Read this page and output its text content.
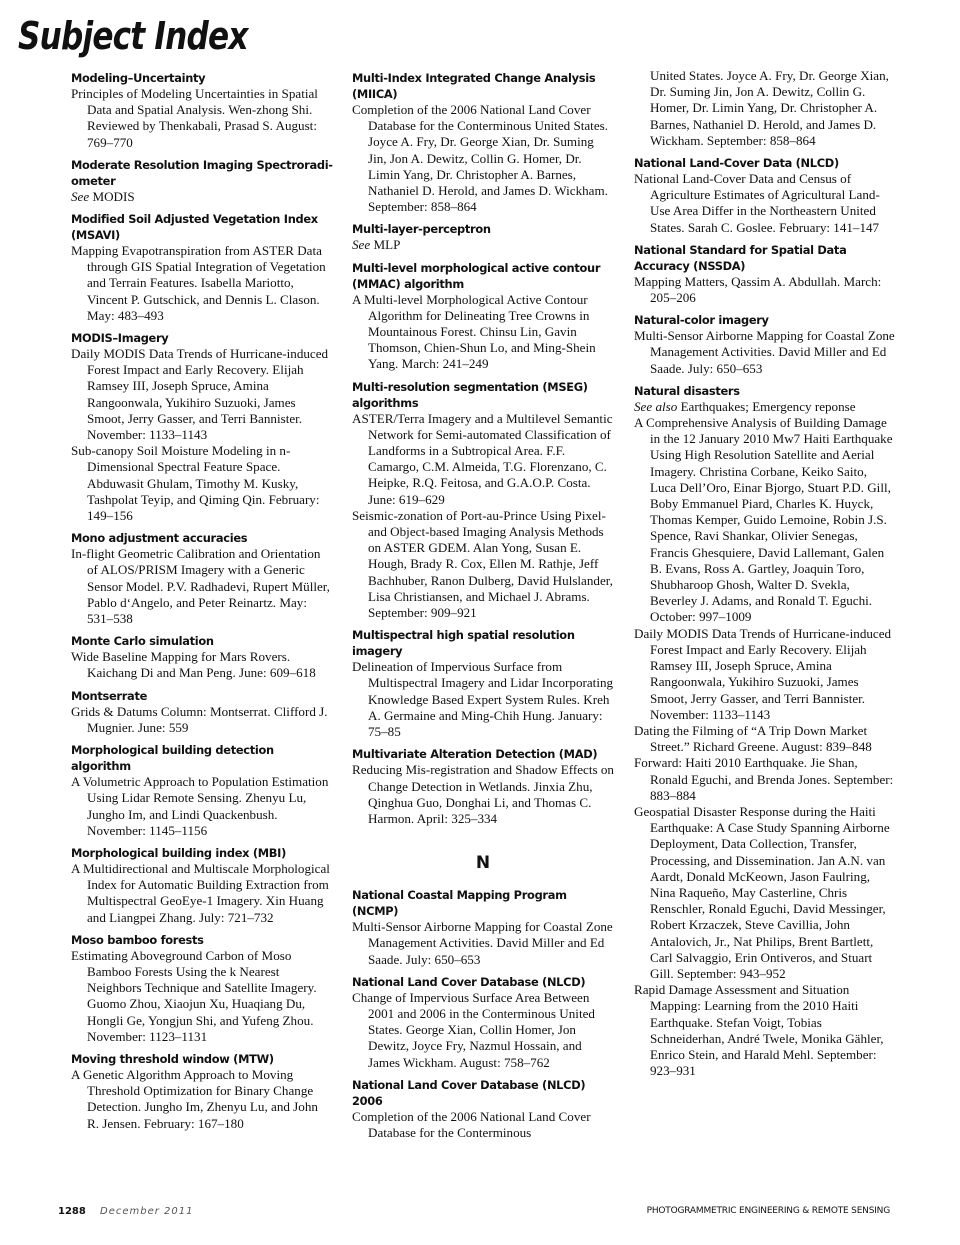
Subject Index

Modeling–Uncertainty

Principles of Modeling Uncertainties in Spatial Data and Spatial Analysis. Wen-zhong Shi. Reviewed by Thenkabali, Prasad S. August: 769–770

Moderate Resolution Imaging Spectroradi-ometer

See MODIS

Modified Soil Adjusted Vegetation Index (MSAVI)

Mapping Evapotranspiration from ASTER Data through GIS Spatial Integration of Vegetation and Terrain Features. Isabella Mariotto, Vincent P. Gutschick, and Dennis L. Clason. May: 483–493

MODIS–Imagery

Daily MODIS Data Trends of Hurricane-induced Forest Impact and Early Recovery. Elijah Ramsey III, Joseph Spruce, Amina Rangoonwala, Yukihiro Suzuoki, James Smoot, Jerry Gasser, and Terri Bannister. November: 1133–1143

Sub-canopy Soil Moisture Modeling in n-Dimensional Spectral Feature Space. Abduwasit Ghulam, Timothy M. Kusky, Tashpolat Teyip, and Qiming Qin. February: 149–156

Mono adjustment accuracies

In-flight Geometric Calibration and Orientation of ALOS/PRISM Imagery with a Generic Sensor Model. P.V. Radhadevi, Rupert Müller, Pablo d‘Angelo, and Peter Reinartz. May: 531–538

Monte Carlo simulation

Wide Baseline Mapping for Mars Rovers. Kaichang Di and Man Peng. June: 609–618

Montserrate

Grids & Datums Column: Montserrat. Clifford J. Mugnier. June: 559

Morphological building detection algorithm

A Volumetric Approach to Population Estimation Using Lidar Remote Sensing. Zhenyu Lu, Jungho Im, and Lindi Quackenbush. November: 1145–1156

Morphological building index (MBI)

A Multidirectional and Multiscale Morphological Index for Automatic Building Extraction from Multispectral GeoEye-1 Imagery. Xin Huang and Liangpei Zhang. July: 721–732

Moso bamboo forests

Estimating Aboveground Carbon of Moso Bamboo Forests Using the k Nearest Neighbors Technique and Satellite Imagery. Guomo Zhou, Xiaojun Xu, Huaqiang Du, Hongli Ge, Yongjun Shi, and Yufeng Zhou. November: 1123–1131

Moving threshold window (MTW)

A Genetic Algorithm Approach to Moving Threshold Optimization for Binary Change Detection. Jungho Im, Zhenyu Lu, and John R. Jensen. February: 167–180

Multi-Index Integrated Change Analysis (MIICA)

Completion of the 2006 National Land Cover Database for the Conterminous United States. Joyce A. Fry, Dr. George Xian, Dr. Suming Jin, Jon A. Dewitz, Collin G. Homer, Dr. Limin Yang, Dr. Christopher A. Barnes, Nathaniel D. Herold, and James D. Wickham. September: 858–864

Multi-layer-perceptron

See MLP

Multi-level morphological active contour (MMAC) algorithm

A Multi-level Morphological Active Contour Algorithm for Delineating Tree Crowns in Mountainous Forest. Chinsu Lin, Gavin Thomson, Chien-Shun Lo, and Ming-Shein Yang. March: 241–249

Multi-resolution segmentation (MSEG) algorithms

ASTER/Terra Imagery and a Multilevel Semantic Network for Semi-automated Classification of Landforms in a Subtropical Area. F.F. Camargo, C.M. Almeida, T.G. Florenzano, C. Heipke, R.Q. Feitosa, and G.A.O.P. Costa. June: 619–629

Seismic-zonation of Port-au-Prince Using Pixel- and Object-based Imaging Analysis Methods on ASTER GDEM. Alan Yong, Susan E. Hough, Brady R. Cox, Ellen M. Rathje, Jeff Bachhuber, Ranon Dulberg, David Hulslander, Lisa Christiansen, and Michael J. Abrams. September: 909–921

Multispectral high spatial resolution imagery

Delineation of Impervious Surface from Multispectral Imagery and Lidar Incorporating Knowledge Based Expert System Rules. Kreh A. Germaine and Ming-Chih Hung. January: 75–85

Multivariate Alteration Detection (MAD)

Reducing Mis-registration and Shadow Effects on Change Detection in Wetlands. Jinxia Zhu, Qinghua Guo, Donghai Li, and Thomas C. Harmon. April: 325–334

N

National Coastal Mapping Program (NCMP)

Multi-Sensor Airborne Mapping for Coastal Zone Management Activities. David Miller and Ed Saade. July: 650–653

National Land Cover Database (NLCD)

Change of Impervious Surface Area Between 2001 and 2006 in the Conterminous United States. George Xian, Collin Homer, Jon Dewitz, Joyce Fry, Nazmul Hossain, and James Wickham. August: 758–762

National Land Cover Database (NLCD) 2006

Completion of the 2006 National Land Cover Database for the Conterminous

United States. Joyce A. Fry, Dr. George Xian, Dr. Suming Jin, Jon A. Dewitz, Collin G. Homer, Dr. Limin Yang, Dr. Christopher A. Barnes, Nathaniel D. Herold, and James D. Wickham. September: 858–864

National Land-Cover Data (NLCD)

National Land-Cover Data and Census of Agriculture Estimates of Agricultural Land-Use Area Differ in the Northeastern United States. Sarah C. Goslee. February: 141–147

National Standard for Spatial Data Accuracy (NSSDA)

Mapping Matters, Qassim A. Abdullah. March: 205–206

Natural-color imagery

Multi-Sensor Airborne Mapping for Coastal Zone Management Activities. David Miller and Ed Saade. July: 650–653

Natural disasters

See also Earthquakes; Emergency reponse

A Comprehensive Analysis of Building Damage in the 12 January 2010 Mw7 Haiti Earthquake Using High Resolution Satellite and Aerial Imagery. Christina Corbane, Keiko Saito, Luca Dell’Oro, Einar Bjorgo, Stuart P.D. Gill, Boby Emmanuel Piard, Charles K. Huyck, Thomas Kemper, Guido Lemoine, Robin J.S. Spence, Ravi Shankar, Olivier Senegas, Francis Ghesquiere, David Lallemant, Galen B. Evans, Ross A. Gartley, Joaquin Toro, Shubharoop Ghosh, Walter D. Svekla, Beverley J. Adams, and Ronald T. Eguchi. October: 997–1009

Daily MODIS Data Trends of Hurricane-induced Forest Impact and Early Recovery. Elijah Ramsey III, Joseph Spruce, Amina Rangoonwala, Yukihiro Suzuoki, James Smoot, Jerry Gasser, and Terri Bannister. November: 1133–1143

Dating the Filming of “A Trip Down Market Street.” Richard Greene. August: 839–848

Forward: Haiti 2010 Earthquake. Jie Shan, Ronald Eguchi, and Brenda Jones. September: 883–884

Geospatial Disaster Response during the Haiti Earthquake: A Case Study Spanning Airborne Deployment, Data Collection, Transfer, Processing, and Dissemination. Jan A.N. van Aardt, Donald McKeown, Jason Faulring, Nina Raqueño, May Casterline, Chris Renschler, Ronald Eguchi, David Messinger, Robert Krzaczek, Steve Cavillia, John Antalovich, Jr., Nat Philips, Brent Bartlett, Carl Salvaggio, Erin Ontiveros, and Stuart Gill. September: 943–952

Rapid Damage Assessment and Situation Mapping: Learning from the 2010 Haiti Earthquake. Stefan Voigt, Tobias Schneiderhan, André Twele, Monika Gähler, Enrico Stein, and Harald Mehl. September: 923–931

1288 December 2011	PHOTOGRAMMETRIC ENGINEERING & REMOTE SENSING
